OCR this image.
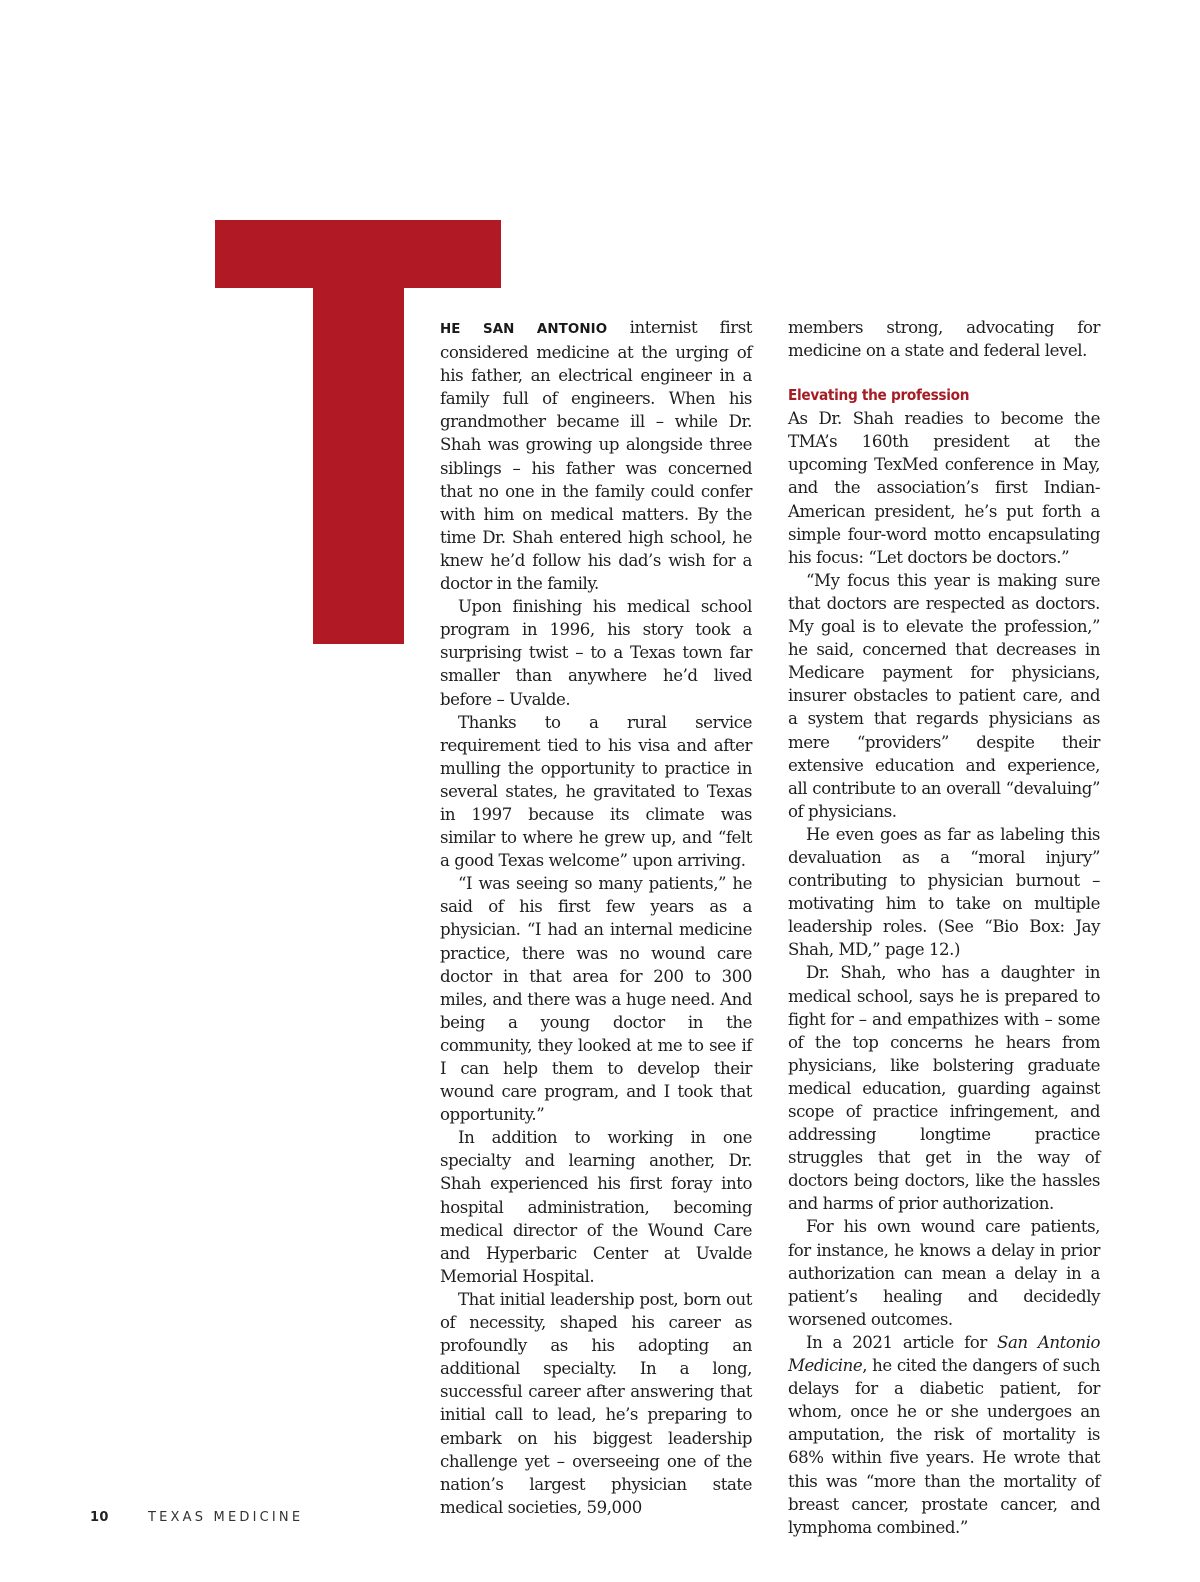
HE SAN ANTONIO internist first considered medicine at the urging of his father, an electrical engineer in a family full of engineers. When his grandmother became ill – while Dr. Shah was growing up alongside three siblings – his father was concerned that no one in the family could confer with him on medical matters. By the time Dr. Shah entered high school, he knew he’d follow his dad’s wish for a doctor in the family.

Upon finishing his medical school program in 1996, his story took a surprising twist – to a Texas town far smaller than anywhere he’d lived before – Uvalde.

Thanks to a rural service requirement tied to his visa and after mulling the opportunity to practice in several states, he gravitated to Texas in 1997 because its climate was similar to where he grew up, and “felt a good Texas welcome” upon arriving.

“I was seeing so many patients,” he said of his first few years as a physician. “I had an internal medicine practice, there was no wound care doctor in that area for 200 to 300 miles, and there was a huge need. And being a young doctor in the community, they looked at me to see if I can help them to develop their wound care program, and I took that opportunity.”

In addition to working in one specialty and learning another, Dr. Shah experienced his first foray into hospital administration, becoming medical director of the Wound Care and Hyperbaric Center at Uvalde Memorial Hospital.

That initial leadership post, born out of necessity, shaped his career as profoundly as his adopting an additional specialty. In a long, successful career after answering that initial call to lead, he’s preparing to embark on his biggest leadership challenge yet – overseeing one of the nation’s largest physician state medical societies, 59,000

members strong, advocating for medicine on a state and federal level.

Elevating the profession

As Dr. Shah readies to become the TMA’s 160th president at the upcoming TexMed conference in May, and the association’s first Indian-American president, he’s put forth a simple four-word motto encapsulating his focus: “Let doctors be doctors.”

“My focus this year is making sure that doctors are respected as doctors. My goal is to elevate the profession,” he said, concerned that decreases in Medicare payment for physicians, insurer obstacles to patient care, and a system that regards physicians as mere “providers” despite their extensive education and experience, all contribute to an overall “devaluing” of physicians.

He even goes as far as labeling this devaluation as a “moral injury” contributing to physician burnout – motivating him to take on multiple leadership roles. (See “Bio Box: Jay Shah, MD,” page 12.)

Dr. Shah, who has a daughter in medical school, says he is prepared to fight for – and empathizes with – some of the top concerns he hears from physicians, like bolstering graduate medical education, guarding against scope of practice infringement, and addressing longtime practice struggles that get in the way of doctors being doctors, like the hassles and harms of prior authorization.

For his own wound care patients, for instance, he knows a delay in prior authorization can mean a delay in a patient’s healing and decidedly worsened outcomes.

In a 2021 article for San Antonio Medicine, he cited the dangers of such delays for a diabetic patient, for whom, once he or she undergoes an amputation, the risk of mortality is 68% within five years. He wrote that this was “more than the mortality of breast cancer, prostate cancer, and lymphoma combined.”

10	TEXAS MEDICINE
